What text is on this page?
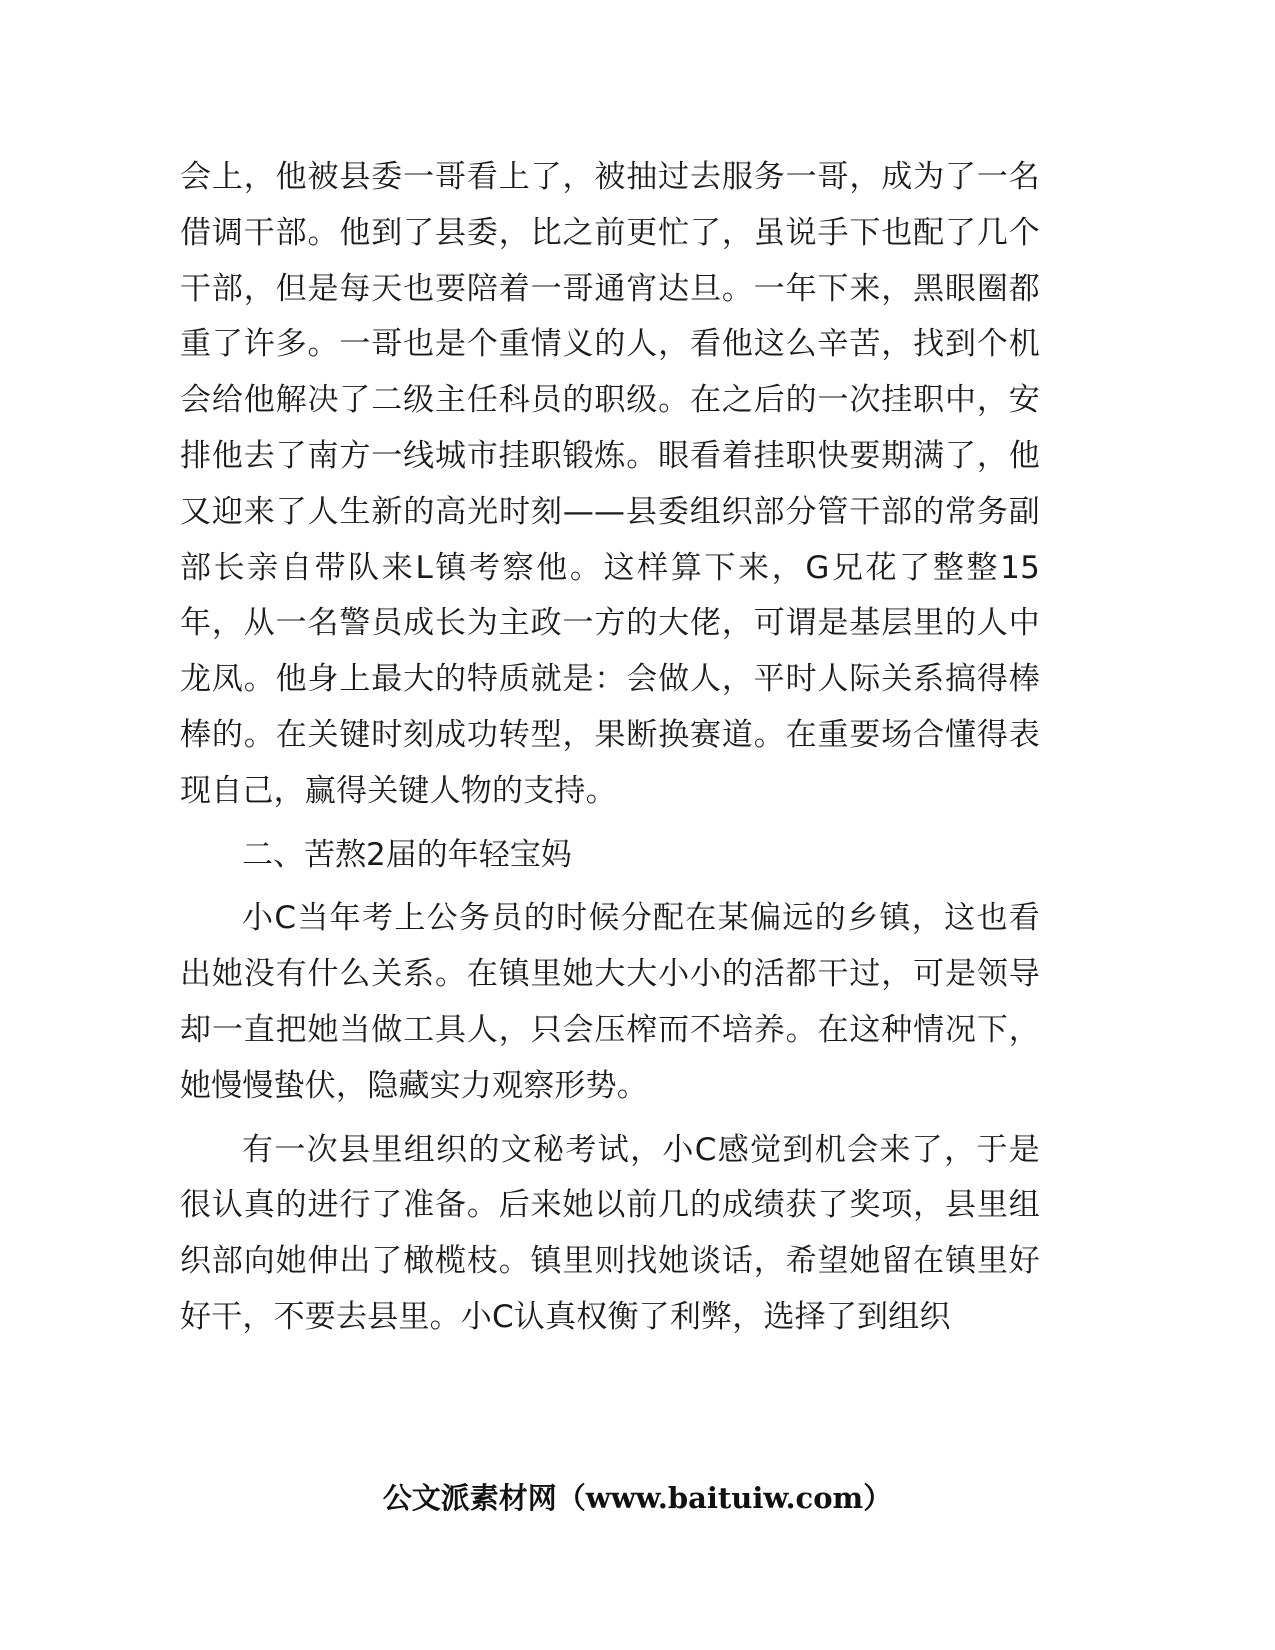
会上，他被县委一哥看上了，被抽过去服务一哥，成为了一名借调干部。他到了县委，比之前更忙了，虽说手下也配了几个干部，但是每天也要陪着一哥通宵达旦。一年下来，黑眼圈都重了许多。一哥也是个重情义的人，看他这么辛苦，找到个机会给他解决了二级主任科员的职级。在之后的一次挂职中，安排他去了南方一线城市挂职锻炼。眼看着挂职快要期满了，他又迎来了人生新的高光时刻——县委组织部分管干部的常务副部长亲自带队来L镇考察他。这样算下来，G兄花了整整15年，从一名警员成长为主政一方的大佬，可谓是基层里的人中龙凤。他身上最大的特质就是：会做人，平时人际关系搞得棒棒的。在关键时刻成功转型，果断换赛道。在重要场合懂得表现自己，赢得关键人物的支持。

二、苦熬2届的年轻宝妈

小C当年考上公务员的时候分配在某偏远的乡镇，这也看出她没有什么关系。在镇里她大大小小的活都干过，可是领导却一直把她当做工具人，只会压榨而不培养。在这种情况下，她慢慢蛰伏，隐藏实力观察形势。

有一次县里组织的文秘考试，小C感觉到机会来了，于是很认真的进行了准备。后来她以前几的成绩获了奖项，县里组织部向她伸出了橄榄枝。镇里则找她谈话，希望她留在镇里好好干，不要去县里。小C认真权衡了利弊，选择了到组织

公文派素材网（www.baituiw.com）
